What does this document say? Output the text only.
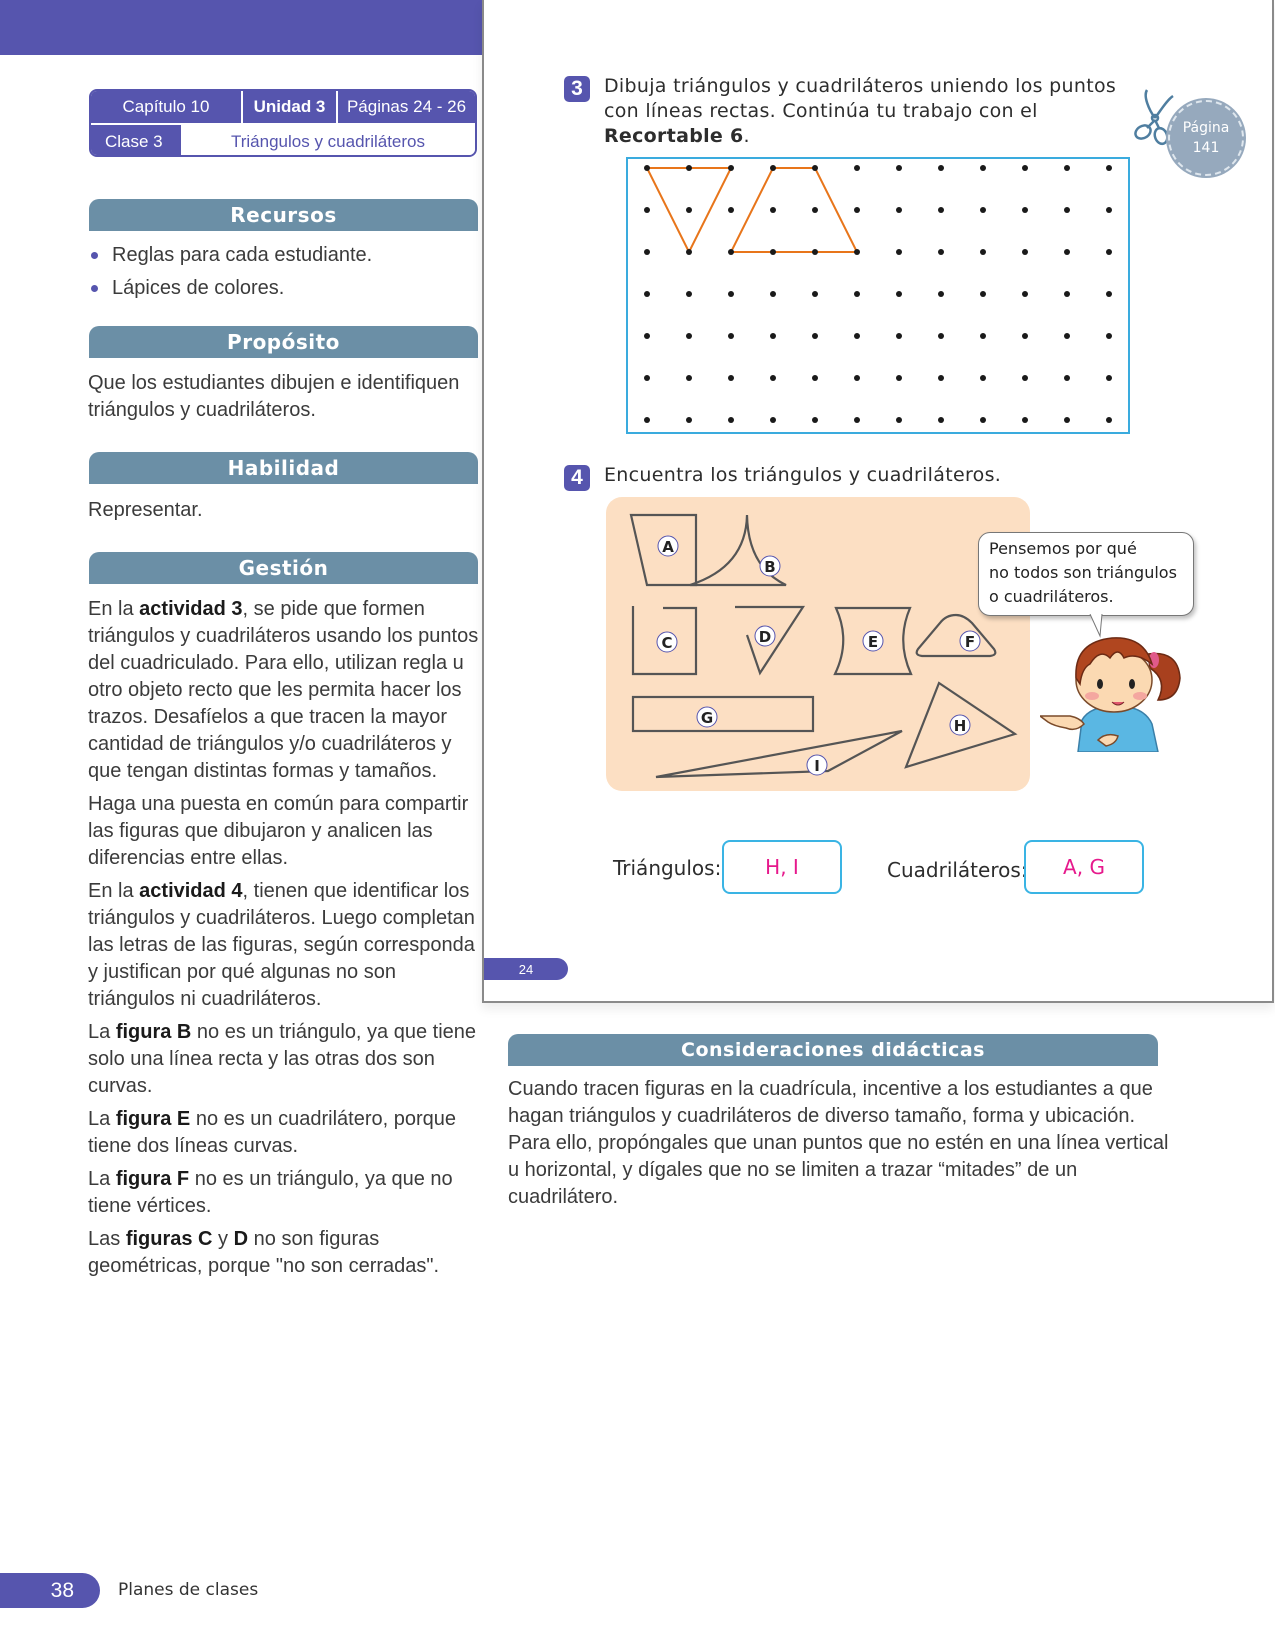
Capítulo 10	Unidad 3	Páginas 24 - 26
Clase 3	Triángulos y cuadriláteros
Recursos
Reglas para cada estudiante.
Lápices de colores.
Propósito
Que los estudiantes dibujen e identifiquen triángulos y cuadriláteros.
Habilidad
Representar.
Gestión

En la actividad 3, se pide que formen triángulos y cuadriláteros usando los puntos del cuadriculado. Para ello, utilizan regla u otro objeto recto que les permita hacer los trazos. Desafíelos a que tracen la mayor cantidad de triángulos y/o cuadriláteros y que tengan distintas formas y tamaños.

Haga una puesta en común para compartir las figuras que dibujaron y analicen las diferencias entre ellas.

En la actividad 4, tienen que identificar los triángulos y cuadriláteros. Luego completan las letras de las figuras, según corresponda y justifican por qué algunas no son triángulos ni cuadriláteros.

La figura B no es un triángulo, ya que tiene solo una línea recta y las otras dos son curvas.

La figura E no es un cuadrilátero, porque tiene dos líneas curvas.

La figura F no es un triángulo, ya que no tiene vértices.

Las figuras C y D no son figuras geométricas, porque "no son cerradas".

3	Dibuja triángulos y cuadriláteros uniendo los puntos con líneas rectas. Continúa tu trabajo con el Recortable 6.	Página
141
4	Encuentra los triángulos y cuadriláteros.
A
B
C	D	E	F
G	H
I
Pensemos por qué
no todos son triángulos
o cuadriláteros.
Triángulos:	H, I	Cuadriláteros:	A, G
24
Consideraciones didácticas
Cuando tracen figuras en la cuadrícula, incentive a los estudiantes a que hagan triángulos y cuadriláteros de diverso tamaño, forma y ubicación. Para ello, propóngales que unan puntos que no estén en una línea vertical u horizontal, y dígales que no se limiten a trazar “mitades” de un cuadrilátero.
38	Planes de clases
